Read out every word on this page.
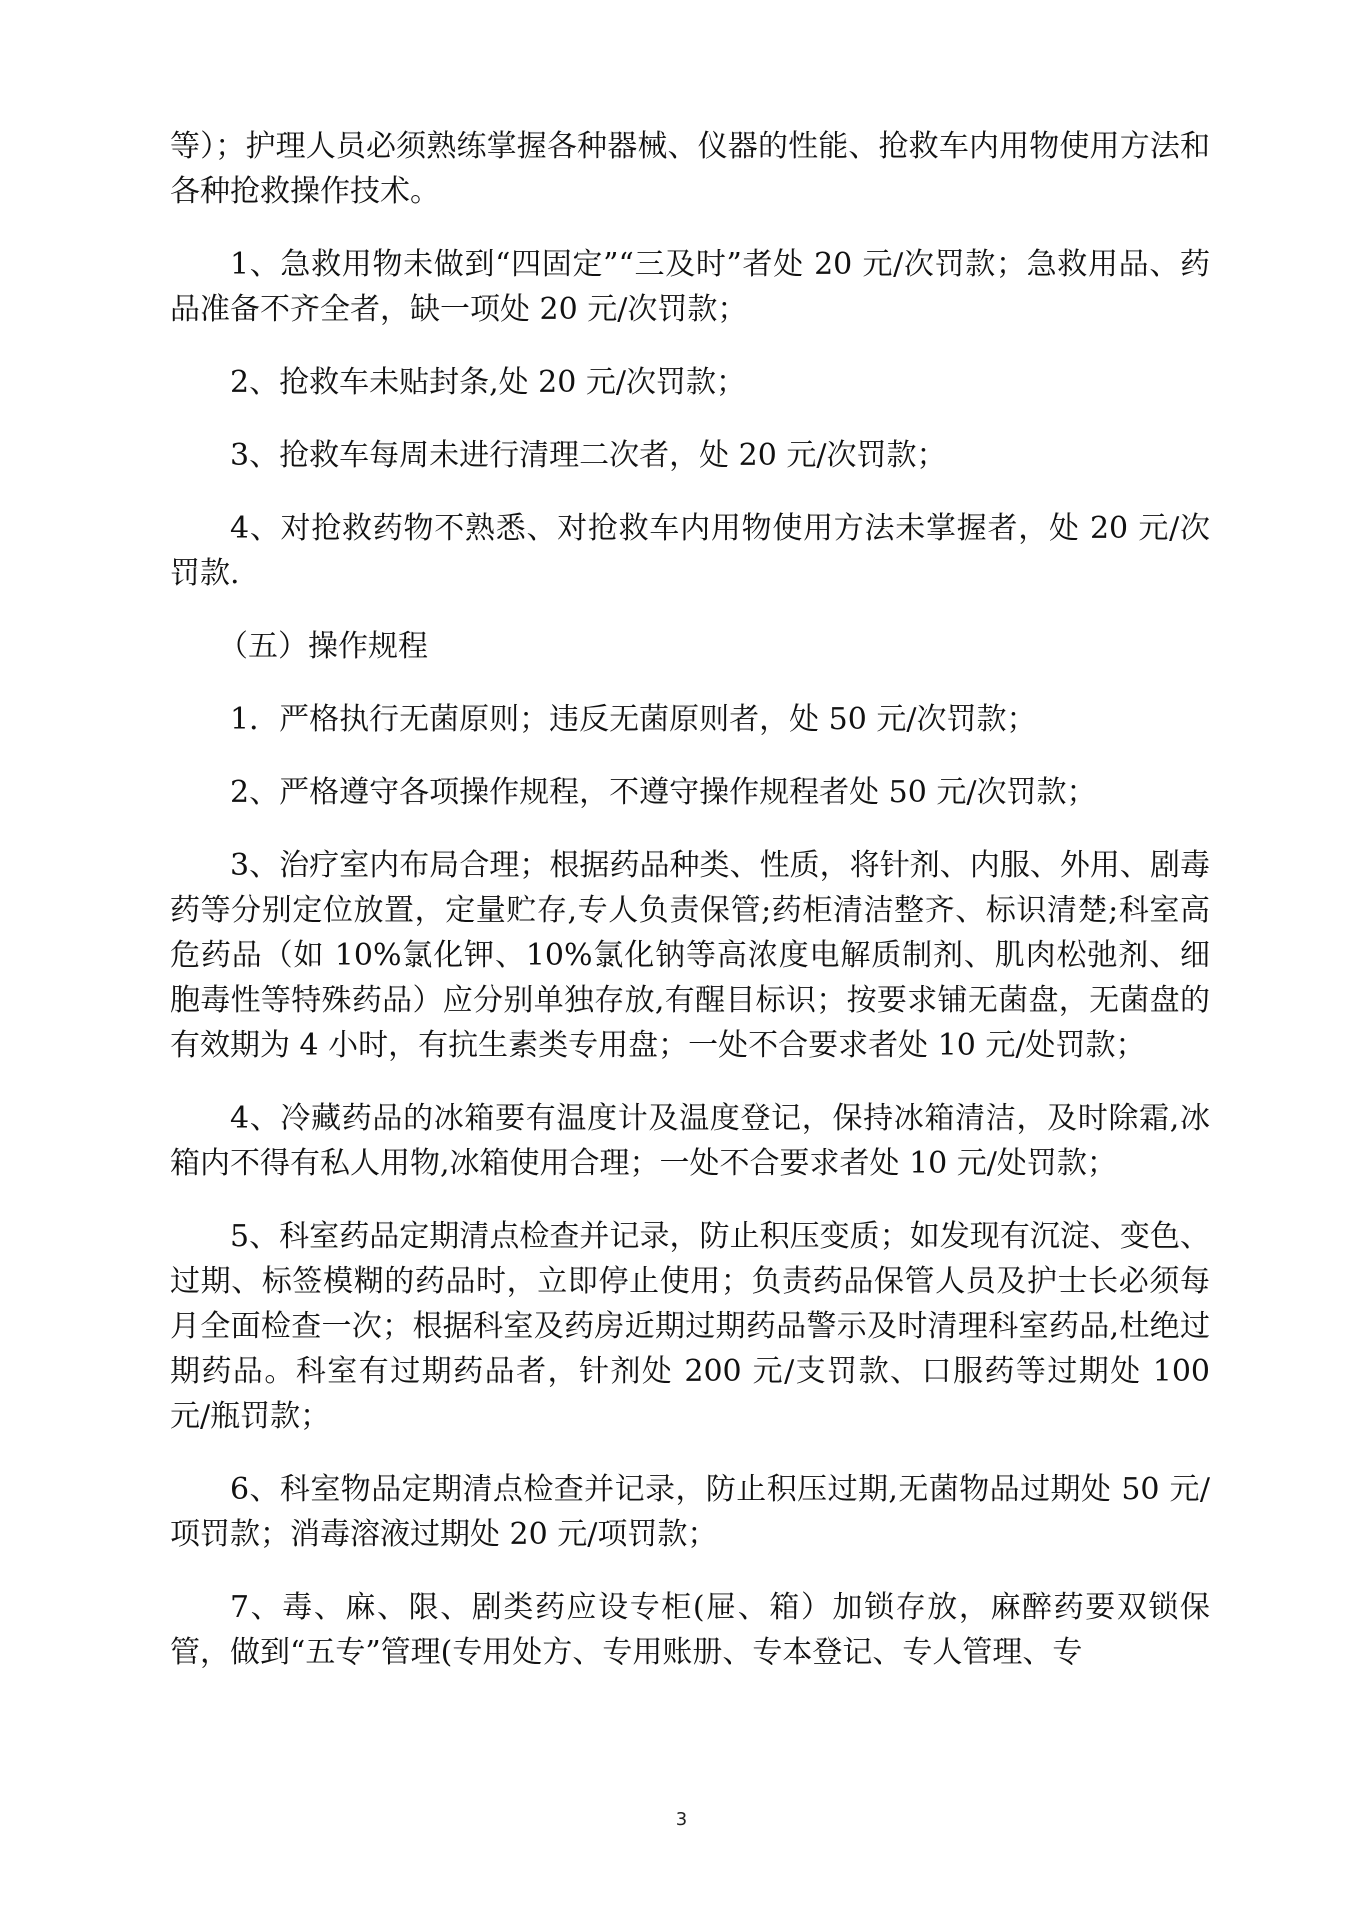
等）；护理人员必须熟练掌握各种器械、仪器的性能、抢救车内用物使用方法和各种抢救操作技术。

1、急救用物未做到“四固定”“三及时”者处 20 元/次罚款；急救用品、药品准备不齐全者，缺一项处 20 元/次罚款；

2、抢救车未贴封条,处 20 元/次罚款；

3、抢救车每周未进行清理二次者，处 20 元/次罚款；

4、对抢救药物不熟悉、对抢救车内用物使用方法未掌握者，处 20 元/次罚款.

（五）操作规程

1．严格执行无菌原则；违反无菌原则者，处 50 元/次罚款；

2、严格遵守各项操作规程，不遵守操作规程者处 50 元/次罚款；

3、治疗室内布局合理；根据药品种类、性质，将针剂、内服、外用、剧毒药等分别定位放置，定量贮存,专人负责保管;药柜清洁整齐、标识清楚;科室高危药品（如 10%氯化钾、10%氯化钠等高浓度电解质制剂、肌肉松弛剂、细胞毒性等特殊药品）应分别单独存放,有醒目标识；按要求铺无菌盘，无菌盘的有效期为 4 小时，有抗生素类专用盘；一处不合要求者处 10 元/处罚款；

4、冷藏药品的冰箱要有温度计及温度登记，保持冰箱清洁，及时除霜,冰箱内不得有私人用物,冰箱使用合理；一处不合要求者处 10 元/处罚款；

5、科室药品定期清点检查并记录，防止积压变质；如发现有沉淀、变色、过期、标签模糊的药品时，立即停止使用；负责药品保管人员及护士长必须每月全面检查一次；根据科室及药房近期过期药品警示及时清理科室药品,杜绝过期药品。科室有过期药品者，针剂处 200 元/支罚款、口服药等过期处 100 元/瓶罚款；

6、科室物品定期清点检查并记录，防止积压过期,无菌物品过期处 50 元/项罚款；消毒溶液过期处 20 元/项罚款；

7、毒、麻、限、剧类药应设专柜(屉、箱）加锁存放，麻醉药要双锁保管，做到“五专”管理(专用处方、专用账册、专本登记、专人管理、专

3
